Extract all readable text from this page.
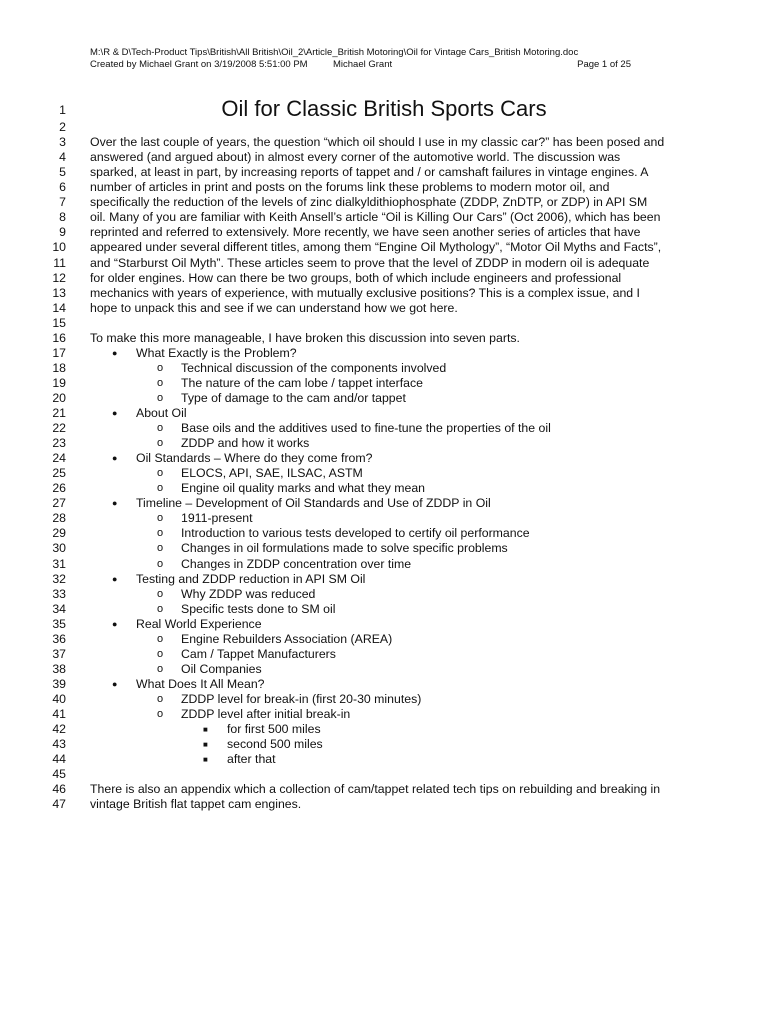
M:\R & D\Tech-Product Tips\British\All British\Oil_2\Article_British Motoring\Oil for Vintage Cars_British Motoring.doc
Created by Michael Grant on 3/19/2008 5:51:00 PM	Michael Grant	Page 1 of 25
1	Oil for Classic British Sports Cars
2
3 Over the last couple of years, the question “which oil should I use in my classic car?” has been posed and
4 answered (and argued about) in almost every corner of the automotive world. The discussion was
5 sparked, at least in part, by increasing reports of tappet and / or camshaft failures in vintage engines. A
6 number of articles in print and posts on the forums link these problems to modern motor oil, and
7 specifically the reduction of the levels of zinc dialkyldithiophosphate (ZDDP, ZnDTP, or ZDP) in API SM
8 oil. Many of you are familiar with Keith Ansell’s article “Oil is Killing Our Cars” (Oct 2006), which has been
9 reprinted and referred to extensively. More recently, we have seen another series of articles that have
10 appeared under several different titles, among them “Engine Oil Mythology”, “Motor Oil Myths and Facts”,
11 and “Starburst Oil Myth”. These articles seem to prove that the level of ZDDP in modern oil is adequate
12 for older engines. How can there be two groups, both of which include engineers and professional
13 mechanics with years of experience, with mutually exclusive positions? This is a complex issue, and I
14 hope to unpack this and see if we can understand how we got here.
15
16 To make this more manageable, I have broken this discussion into seven parts.
17	● What Exactly is the Problem?
18	o Technical discussion of the components involved
19	o The nature of the cam lobe / tappet interface
20	o Type of damage to the cam and/or tappet
21	● About Oil
22	o Base oils and the additives used to fine-tune the properties of the oil
23	o ZDDP and how it works
24	● Oil Standards – Where do they come from?
25	o ELOCS, API, SAE, ILSAC, ASTM
26	o Engine oil quality marks and what they mean
27	● Timeline – Development of Oil Standards and Use of ZDDP in Oil
28	o 1911-present
29	o Introduction to various tests developed to certify oil performance
30	o Changes in oil formulations made to solve specific problems
31	o Changes in ZDDP concentration over time
32	● Testing and ZDDP reduction in API SM Oil
33	o Why ZDDP was reduced
34	o Specific tests done to SM oil
35	● Real World Experience
36	o Engine Rebuilders Association (AREA)
37	o Cam / Tappet Manufacturers
38	o Oil Companies
39	● What Does It All Mean?
40	o ZDDP level for break-in (first 20-30 minutes)
41	o ZDDP level after initial break-in
42	■ for first 500 miles
43	■ second 500 miles
44	■ after that
45
46 There is also an appendix which a collection of cam/tappet related tech tips on rebuilding and breaking in
47 vintage British flat tappet cam engines.
